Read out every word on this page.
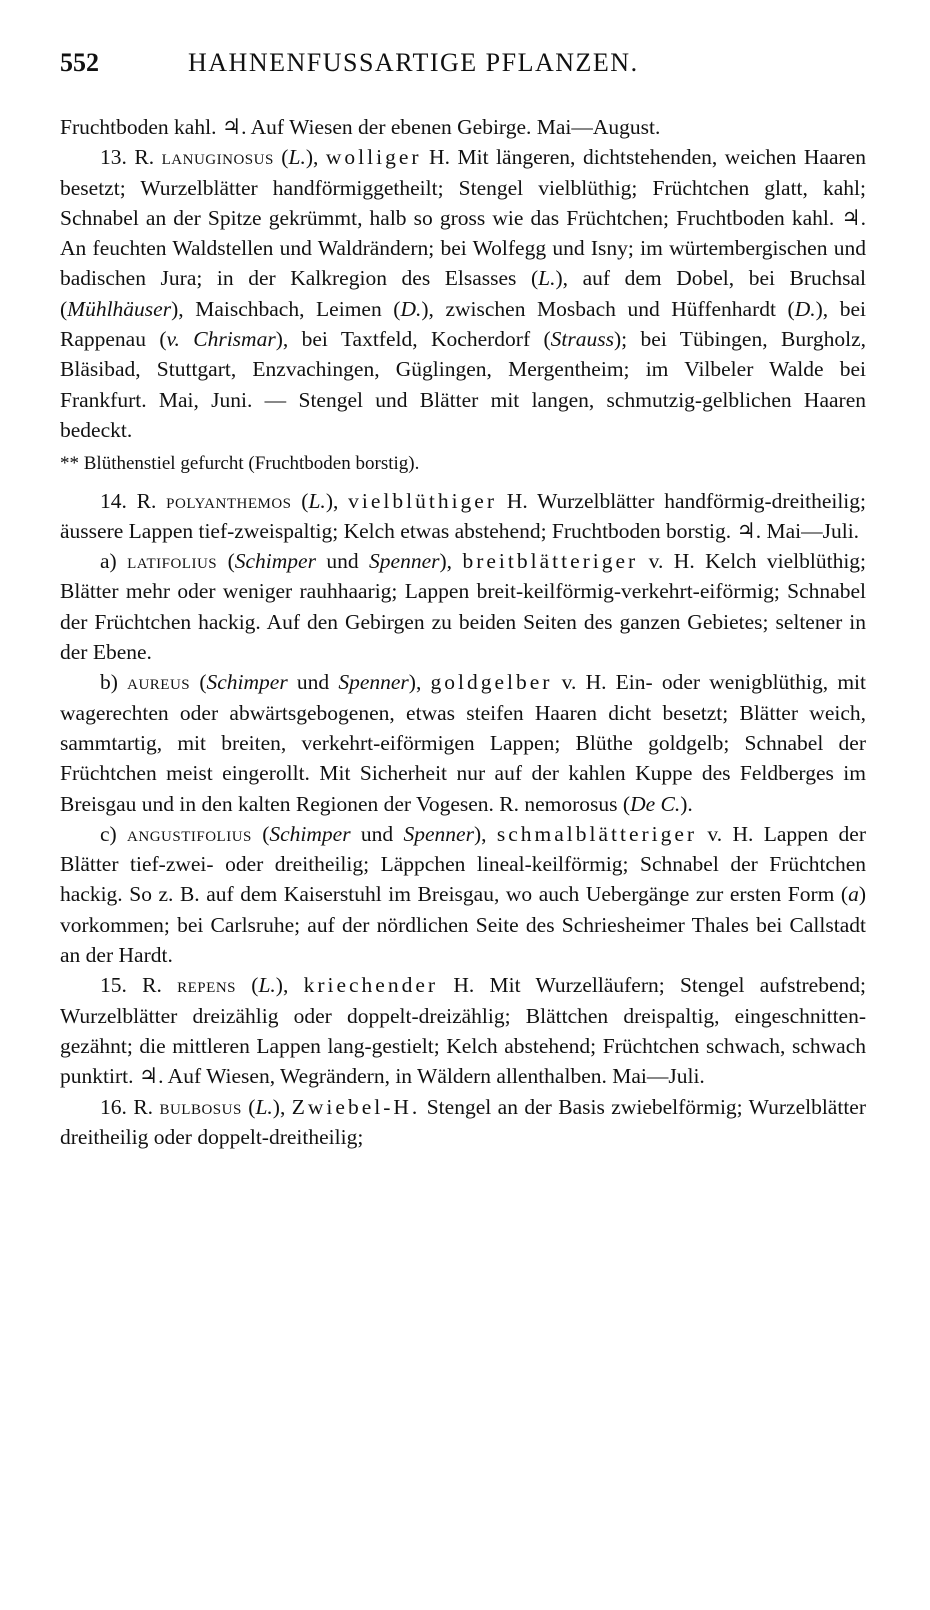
552	HAHNENFUSSARTIGE PFLANZEN.

Fruchtboden kahl. ♃. Auf Wiesen der ebenen Gebirge. Mai—August.

13. R. lanuginosus (L.), wolliger H. Mit längeren, dichtstehenden, weichen Haaren besetzt; Wurzelblätter handförmiggetheilt; Stengel vielblüthig; Früchtchen glatt, kahl; Schnabel an der Spitze gekrümmt, halb so gross wie das Früchtchen; Fruchtboden kahl. ♃. An feuchten Waldstellen und Waldrändern; bei Wolfegg und Isny; im würtembergischen und badischen Jura; in der Kalkregion des Elsasses (L.), auf dem Dobel, bei Bruchsal (Mühlhäuser), Maischbach, Leimen (D.), zwischen Mosbach und Hüffenhardt (D.), bei Rappenau (v. Chrismar), bei Taxtfeld, Kocherdorf (Strauss); bei Tübingen, Burgholz, Bläsibad, Stuttgart, Enzvachingen, Güglingen, Mergentheim; im Vilbeler Walde bei Frankfurt. Mai, Juni. — Stengel und Blätter mit langen, schmutzig-gelblichen Haaren bedeckt.

** Blüthenstiel gefurcht (Fruchtboden borstig).

14. R. polyanthemos (L.), vielblüthiger H. Wurzelblätter handförmig-dreitheilig; äussere Lappen tief-zweispaltig; Kelch etwas abstehend; Fruchtboden borstig. ♃. Mai—Juli.

a) latifolius (Schimper und Spenner), breitblätteriger v. H. Kelch vielblüthig; Blätter mehr oder weniger rauhhaarig; Lappen breit-keilförmig-verkehrt-eiförmig; Schnabel der Früchtchen hackig. Auf den Gebirgen zu beiden Seiten des ganzen Gebietes; seltener in der Ebene.

b) aureus (Schimper und Spenner), goldgelber v. H. Ein- oder wenigblüthig, mit wagerechten oder abwärtsgebogenen, etwas steifen Haaren dicht besetzt; Blätter weich, sammtartig, mit breiten, verkehrt-eiförmigen Lappen; Blüthe goldgelb; Schnabel der Früchtchen meist eingerollt. Mit Sicherheit nur auf der kahlen Kuppe des Feldberges im Breisgau und in den kalten Regionen der Vogesen. R. nemorosus (De C.).

c) angustifolius (Schimper und Spenner), schmalblätteriger v. H. Lappen der Blätter tief-zwei- oder dreitheilig; Läppchen lineal-keilförmig; Schnabel der Früchtchen hackig. So z. B. auf dem Kaiserstuhl im Breisgau, wo auch Uebergänge zur ersten Form (a) vorkommen; bei Carlsruhe; auf der nördlichen Seite des Schriesheimer Thales bei Callstadt an der Hardt.

15. R. repens (L.), kriechender H. Mit Wurzelläufern; Stengel aufstrebend; Wurzelblätter dreizählig oder doppelt-dreizählig; Blättchen dreispaltig, eingeschnitten-gezähnt; die mittleren Lappen lang-gestielt; Kelch abstehend; Früchtchen schwach, schwach punktirt. ♃. Auf Wiesen, Wegrändern, in Wäldern allenthalben. Mai—Juli.

16. R. bulbosus (L.), Zwiebel-H. Stengel an der Basis zwiebelförmig; Wurzelblätter dreitheilig oder doppelt-dreitheilig;
